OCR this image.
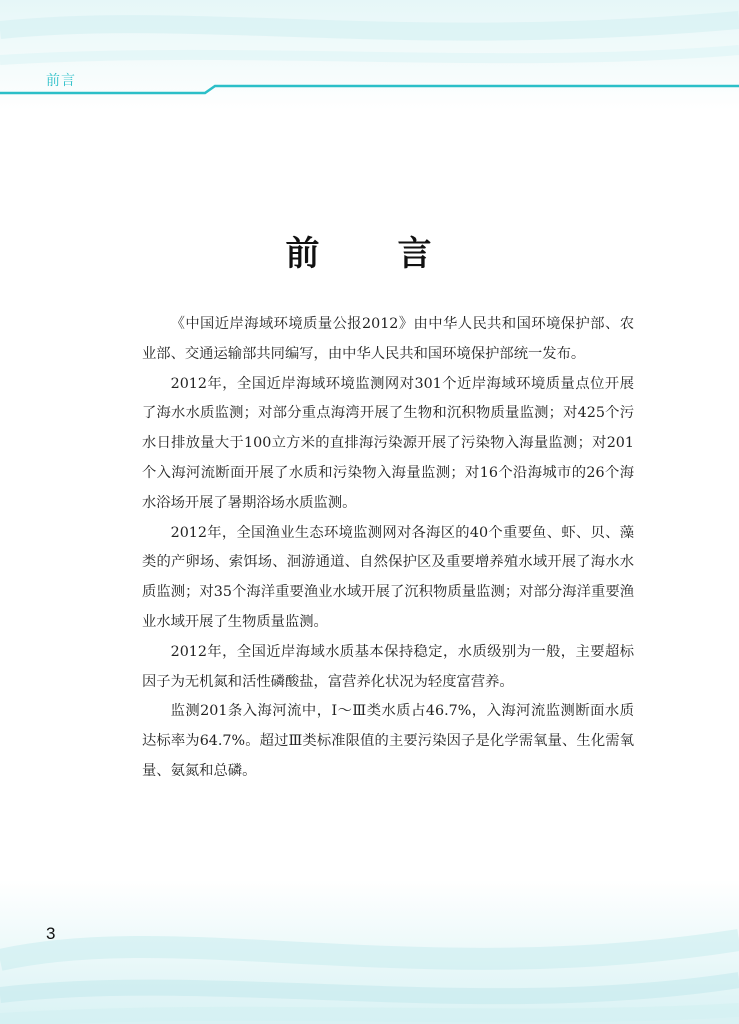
前言
前　言

《中国近岸海域环境质量公报2012》由中华人民共和国环境保护部、农业部、交通运输部共同编写，由中华人民共和国环境保护部统一发布。

2012年，全国近岸海域环境监测网对301个近岸海域环境质量点位开展了海水水质监测；对部分重点海湾开展了生物和沉积物质量监测；对425个污水日排放量大于100立方米的直排海污染源开展了污染物入海量监测；对201个入海河流断面开展了水质和污染物入海量监测；对16个沿海城市的26个海水浴场开展了暑期浴场水质监测。

2012年，全国渔业生态环境监测网对各海区的40个重要鱼、虾、贝、藻类的产卵场、索饵场、洄游通道、自然保护区及重要增养殖水域开展了海水水质监测；对35个海洋重要渔业水域开展了沉积物质量监测；对部分海洋重要渔业水域开展了生物质量监测。

2012年，全国近岸海域水质基本保持稳定，水质级别为一般，主要超标因子为无机氮和活性磷酸盐，富营养化状况为轻度富营养。

监测201条入海河流中，Ⅰ～Ⅲ类水质占46.7%，入海河流监测断面水质达标率为64.7%。超过Ⅲ类标准限值的主要污染因子是化学需氧量、生化需氧量、氨氮和总磷。

3
